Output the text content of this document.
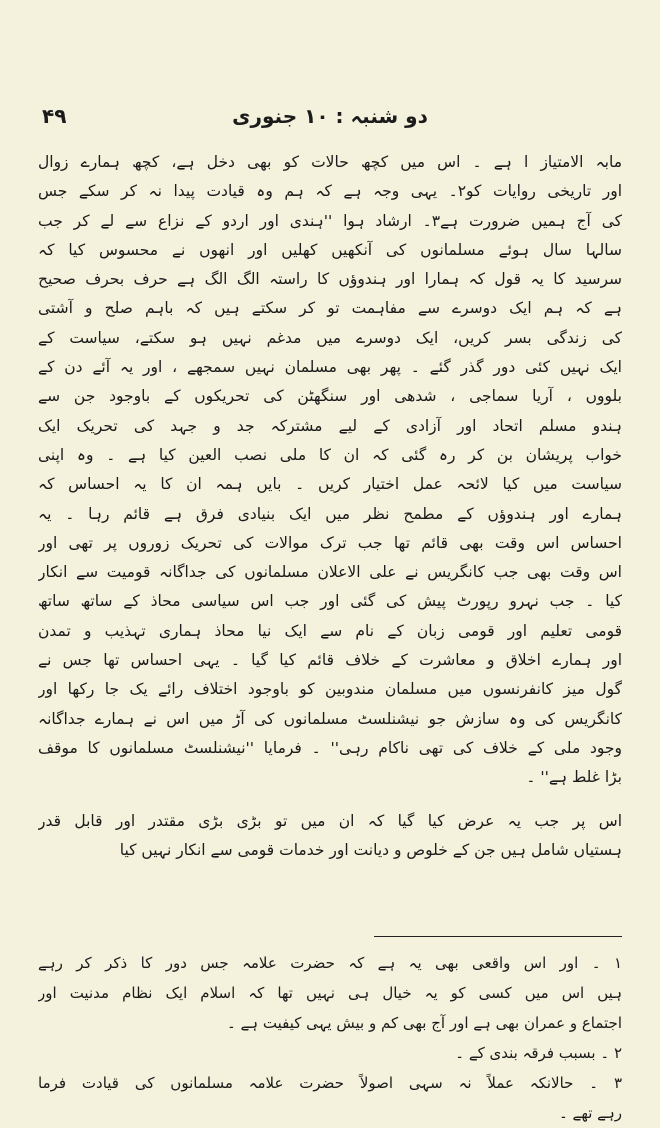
دو شنبہ : ۱۰ جنوری
۴۹
مابہ الامتیاز ا ہے ۔ اس میں کچھ حالات کو بھی دخل ہے، کچھ ہمارے زوال
اور تاریخی روایات کو۲۔ یہی وجہ ہے کہ ہم وہ قیادت پیدا نہ کر سکے جس
کی آج ہمیں ضرورت ہے۳۔ ارشاد ہوا ''ہندی اور اردو کے نزاع سے لے کر جب
سالہا سال ہوئے مسلمانوں کی آنکھیں کھلیں اور انھوں نے محسوس کیا کہ
سرسید کا یہ قول کہ ہمارا اور ہندوؤں کا راستہ الگ الگ ہے حرف بحرف صحیح
ہے کہ ہم ایک دوسرے سے مفاہمت تو کر سکتے ہیں کہ باہم صلح و آشتی
کی زندگی بسر کریں، ایک دوسرے میں مدغم نہیں ہو سکتے، سیاست کے
ایک نہیں کئی دور گذر گئے ۔ پھر بھی مسلمان نہیں سمجھے ، اور یہ آئے دن کے
بلووں ، آریا سماجی ، شدھی اور سنگھٹن کی تحریکوں کے باوجود جن سے
ہندو مسلم اتحاد اور آزادی کے لیے مشترکہ جد و جہد کی تحریک ایک
خواب پریشان بن کر رہ گئی کہ ان کا ملی نصب العین کیا ہے ۔ وہ اپنی
سیاست میں کیا لائحہ عمل اختیار کریں ۔ بایں ہمہ ان کا یہ احساس کہ
ہمارے اور ہندوؤں کے مطمح نظر میں ایک بنیادی فرق ہے قائم رہا ۔ یہ
احساس اس وقت بھی قائم تھا جب ترک موالات کی تحریک زوروں پر تھی اور
اس وقت بھی جب کانگریس نے علی الاعلان مسلمانوں کی جداگانہ قومیت سے انکار
کیا ۔ جب نہرو رپورٹ پیش کی گئی اور جب اس سیاسی محاذ کے ساتھ ساتھ
قومی تعلیم اور قومی زبان کے نام سے ایک نیا محاذ ہماری تہذیب و تمدن
اور ہمارے اخلاق و معاشرت کے خلاف قائم کیا گیا ۔ یہی احساس تھا جس نے
گول میز کانفرنسوں میں مسلمان مندوبین کو باوجود اختلاف رائے یک جا رکھا اور
کانگریس کی وہ سازش جو نیشنلسٹ مسلمانوں کی آڑ میں اس نے ہمارے جداگانہ
وجود ملی کے خلاف کی تھی ناکام رہی'' ۔ فرمایا ''نیشنلسٹ مسلمانوں کا موقف
بڑا غلط ہے'' ۔
اس پر جب یہ عرض کیا گیا کہ ان میں تو بڑی بڑی مقتدر اور قابل قدر
ہستیاں شامل ہیں جن کے خلوص و دیانت اور خدمات قومی سے انکار نہیں کیا
۱ ۔ اور اس واقعی بھی یہ ہے کہ حضرت علامہ جس دور کا ذکر کر رہے
ہیں اس میں کسی کو یہ خیال ہی نہیں تھا کہ اسلام ایک نظام مدنیت اور
اجتماع و عمران بھی ہے اور آج بھی کم و بیش یہی کیفیت ہے ۔
۲ ۔ بسبب فرقہ بندی کے ۔
۳ ۔ حالانکہ عملاً نہ سہی اصولاً حضرت علامہ مسلمانوں کی قیادت فرما
رہے تھے ۔
